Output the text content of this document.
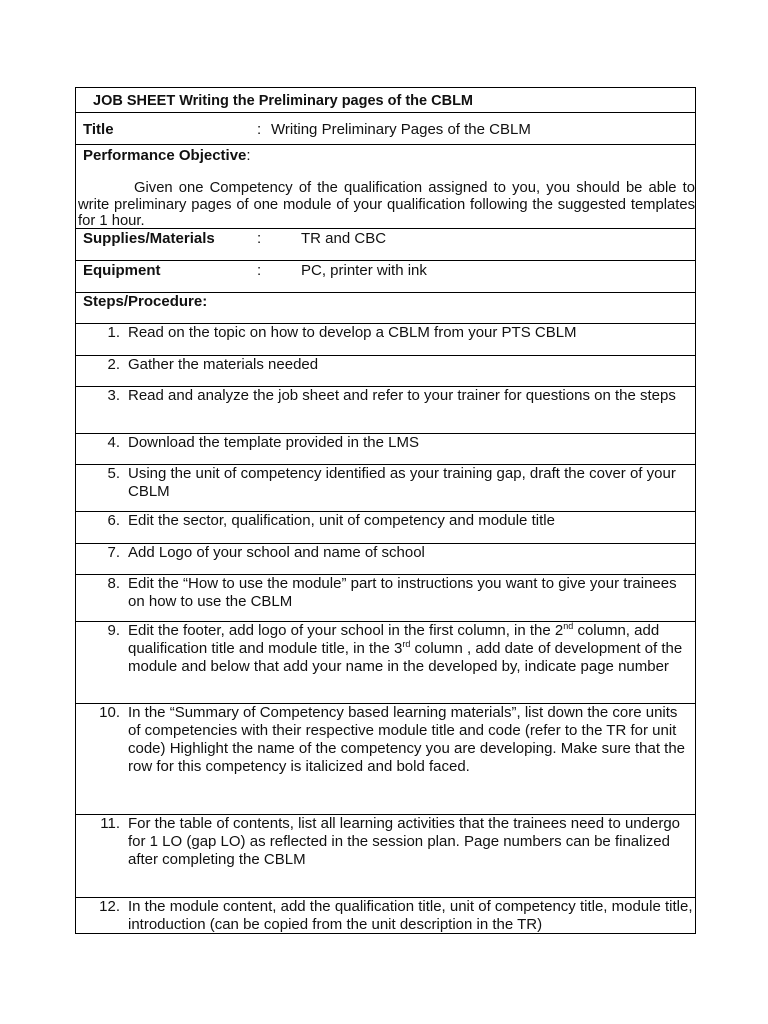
JOB SHEET Writing the Preliminary pages of the CBLM
Title	: Writing Preliminary Pages of the CBLM
Performance Objective:
Given one Competency of the qualification assigned to you, you should be able to write preliminary pages of one module of your qualification following the suggested templates for 1 hour.
Supplies/Materials	:	TR and CBC
Equipment	:	PC, printer with ink
Steps/Procedure:
1. Read on the topic on how to develop a CBLM from your PTS CBLM
2. Gather the materials needed
3. Read and analyze the job sheet and refer to your trainer for questions on the steps
4. Download the template provided in the LMS
5. Using the unit of competency identified as your training gap, draft the cover of your CBLM
6. Edit the sector, qualification, unit of competency and module title
7. Add Logo of your school and name of school
8. Edit the “How to use the module” part to instructions you want to give your trainees on how to use the CBLM
9. Edit the footer, add logo of your school in the first column, in the 2nd column, add qualification title and module title, in the 3rd column , add date of development of the module and below that add your name in the developed by, indicate page number
10. In the “Summary of Competency based learning materials”, list down the core units of competencies with their respective module title and code (refer to the TR for unit code) Highlight the name of the competency you are developing. Make sure that the row for this competency is italicized and bold faced.
11. For the table of contents, list all learning activities that the trainees need to undergo for 1 LO (gap LO) as reflected in the session plan. Page numbers can be finalized after completing the CBLM
12. In the module content, add the qualification title, unit of competency title, module title, introduction (can be copied from the unit description in the TR)
